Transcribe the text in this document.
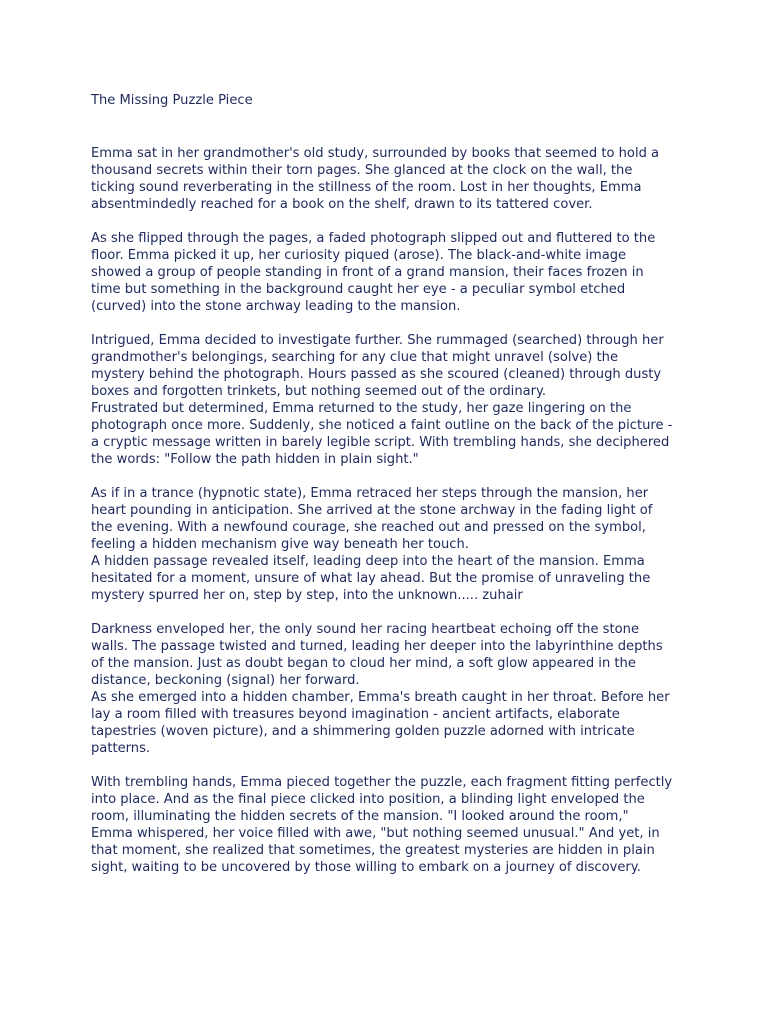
The Missing Puzzle Piece

Emma sat in her grandmother's old study, surrounded by books that seemed to hold a
thousand secrets within their torn pages. She glanced at the clock on the wall, the
ticking sound reverberating in the stillness of the room. Lost in her thoughts, Emma
absentmindedly reached for a book on the shelf, drawn to its tattered cover.

As she flipped through the pages, a faded photograph slipped out and fluttered to the
floor. Emma picked it up, her curiosity piqued (arose). The black-and-white image
showed a group of people standing in front of a grand mansion, their faces frozen in
time but something in the background caught her eye - a peculiar symbol etched
(curved) into the stone archway leading to the mansion.

Intrigued, Emma decided to investigate further. She rummaged (searched) through her
grandmother's belongings, searching for any clue that might unravel (solve) the
mystery behind the photograph. Hours passed as she scoured (cleaned) through dusty
boxes and forgotten trinkets, but nothing seemed out of the ordinary.
Frustrated but determined, Emma returned to the study, her gaze lingering on the
photograph once more. Suddenly, she noticed a faint outline on the back of the picture -
a cryptic message written in barely legible script. With trembling hands, she deciphered
the words: "Follow the path hidden in plain sight."

As if in a trance (hypnotic state), Emma retraced her steps through the mansion, her
heart pounding in anticipation. She arrived at the stone archway in the fading light of
the evening. With a newfound courage, she reached out and pressed on the symbol,
feeling a hidden mechanism give way beneath her touch.
A hidden passage revealed itself, leading deep into the heart of the mansion. Emma
hesitated for a moment, unsure of what lay ahead. But the promise of unraveling the
mystery spurred her on, step by step, into the unknown..... zuhair

Darkness enveloped her, the only sound her racing heartbeat echoing off the stone
walls. The passage twisted and turned, leading her deeper into the labyrinthine depths
of the mansion. Just as doubt began to cloud her mind, a soft glow appeared in the
distance, beckoning (signal) her forward.
As she emerged into a hidden chamber, Emma's breath caught in her throat. Before her
lay a room filled with treasures beyond imagination - ancient artifacts, elaborate
tapestries (woven picture), and a shimmering golden puzzle adorned with intricate
patterns.

With trembling hands, Emma pieced together the puzzle, each fragment fitting perfectly
into place. And as the final piece clicked into position, a blinding light enveloped the
room, illuminating the hidden secrets of the mansion. "I looked around the room,"
Emma whispered, her voice filled with awe, "but nothing seemed unusual." And yet, in
that moment, she realized that sometimes, the greatest mysteries are hidden in plain
sight, waiting to be uncovered by those willing to embark on a journey of discovery.
